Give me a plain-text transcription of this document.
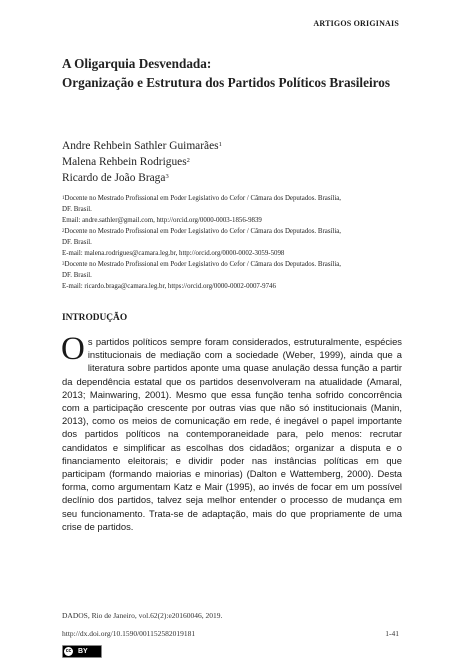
ARTIGOS ORIGINAIS
A Oligarquia Desvendada:
Organização e Estrutura dos Partidos Políticos Brasileiros
Andre Rehbein Sathler Guimarães$^1$
Malena Rehbein Rodrigues$^2$
Ricardo de João Braga$^3$
$^1$Docente no Mestrado Profissional em Poder Legislativo do Cefor / Câmara dos Deputados. Brasília,
DF. Brasil.
Email: andre.sathler@gmail.com, http://orcid.org/0000-0003-1856-9839
$^2$Docente no Mestrado Profissional em Poder Legislativo do Cefor / Câmara dos Deputados. Brasília,
DF. Brasil.
E-mail: malena.rodrigues@camara.leg.br, http://orcid.org/0000-0002-3059-5098
$^3$Docente no Mestrado Profissional em Poder Legislativo do Cefor / Câmara dos Deputados. Brasília,
DF. Brasil.
E-mail: ricardo.braga@camara.leg.br, https://orcid.org/0000-0002-0007-9746
INTRODUÇÃO
Os partidos políticos sempre foram considerados, estruturalmente, espécies institucionais de mediação com a sociedade (Weber, 1999), ainda que a literatura sobre partidos aponte uma quase anulação dessa função a partir da dependência estatal que os partidos desenvolveram na atualidade (Amaral, 2013; Mainwaring, 2001). Mesmo que essa função tenha sofrido concorrência com a participação crescente por outras vias que não só institucionais (Manin, 2013), como os meios de comunicação em rede, é inegável o papel importante dos partidos políticos na contemporaneidade para, pelo menos: recrutar candidatos e simplificar as escolhas dos cidadãos; organizar a disputa e o financiamento eleitorais; e dividir poder nas instâncias políticas em que participam (formando maiorias e minorias) (Dalton e Wattemberg, 2000). Desta forma, como argumentam Katz e Mair (1995), ao invés de focar em um possível declínio dos partidos, talvez seja melhor entender o processo de mudança em seu funcionamento. Trata-se de adaptação, mais do que propriamente de uma crise de partidos.
DADOS, Rio de Janeiro, vol.62(2):e20160046, 2019.
http://dx.doi.org/10.1590/001152582019181	1-41
cc BY
